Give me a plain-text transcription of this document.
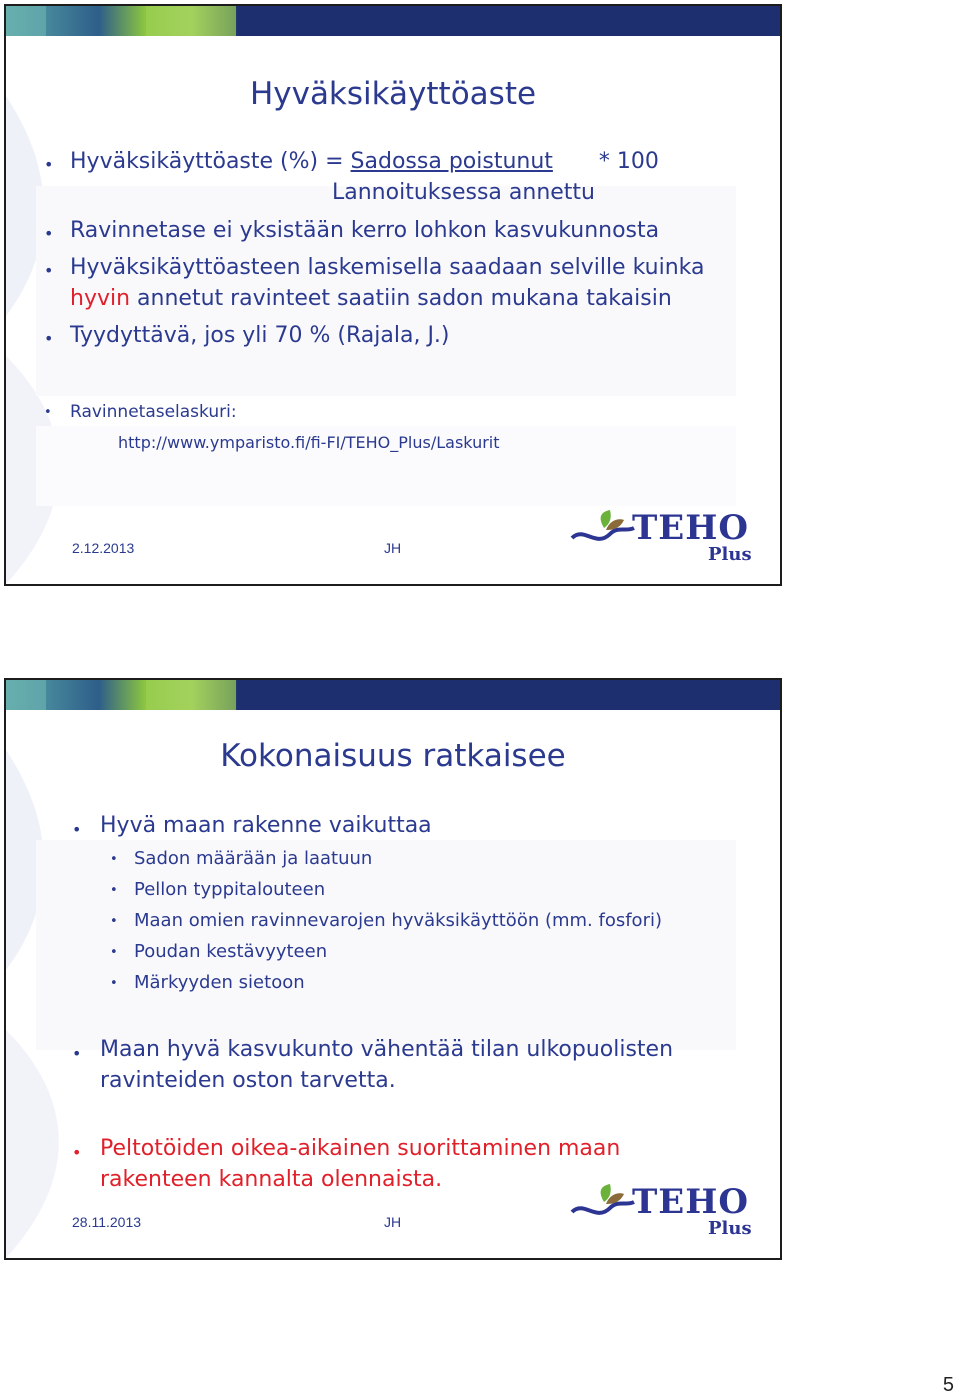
Hyväksikäyttöaste
• Hyväksikäyttöaste (%) = Sadossa poistunut * 100
Lannoituksessa annettu
• Ravinnetase ei yksistään kerro lohkon kasvukunnosta
• Hyväksikäyttöasteen laskemisella saadaan selville kuinka
hyvin annetut ravinteet saatiin sadon mukana takaisin
• Tyydyttävä, jos yli 70 % (Rajala, J.)
• Ravinnetaselaskuri:
http://www.ymparisto.fi/fi-FI/TEHO_Plus/Laskurit
2.12.2013	JH	TEHO
Plus
Kokonaisuus ratkaisee
• Hyvä maan rakenne vaikuttaa
• Sadon määrään ja laatuun
• Pellon typpitalouteen
• Maan omien ravinnevarojen hyväksikäyttöön (mm. fosfori)
• Poudan kestävyyteen
• Märkyyden sietoon
• Maan hyvä kasvukunto vähentää tilan ulkopuolisten
ravinteiden oston tarvetta.
• Peltotöiden oikea-aikainen suorittaminen maan
rakenteen kannalta olennaista.
28.11.2013	JH	TEHO
Plus
5
